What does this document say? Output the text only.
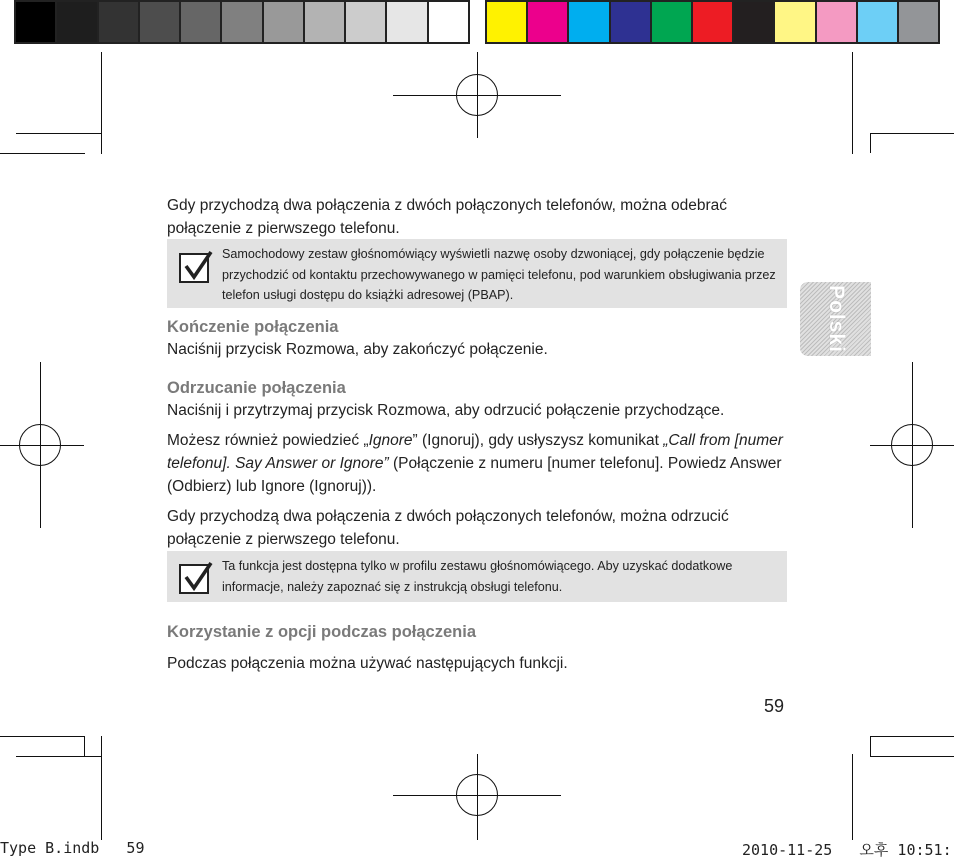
Polski

Gdy przychodzą dwa połączenia z dwóch połączonych telefonów, można odebrać połączenie z pierwszego telefonu.

Samochodowy zestaw głośnomówiący wyświetli nazwę osoby dzwoniącej, gdy połączenie będzie przychodzić od kontaktu przechowywanego w pamięci telefonu, pod warunkiem obsługiwania przez telefon usługi dostępu do książki adresowej (PBAP).

Kończenie połączenia

Naciśnij przycisk Rozmowa, aby zakończyć połączenie.

Odrzucanie połączenia

Naciśnij i przytrzymaj przycisk Rozmowa, aby odrzucić połączenie przychodzące.

Możesz również powiedzieć „Ignore” (Ignoruj), gdy usłyszysz komunikat „Call from [numer telefonu]. Say Answer or Ignore” (Połączenie z numeru [numer telefonu]. Powiedz Answer (Odbierz) lub Ignore (Ignoruj)).

Gdy przychodzą dwa połączenia z dwóch połączonych telefonów, można odrzucić połączenie z pierwszego telefonu.

Ta funkcja jest dostępna tylko w profilu zestawu głośnomówiącego. Aby uzyskać dodatkowe informacje, należy zapoznać się z instrukcją obsługi telefonu.

Korzystanie z opcji podczas połączenia

Podczas połączenia można używać następujących funkcji.

59
Type B.indb   59	2010-11-25   오후 10:51:
